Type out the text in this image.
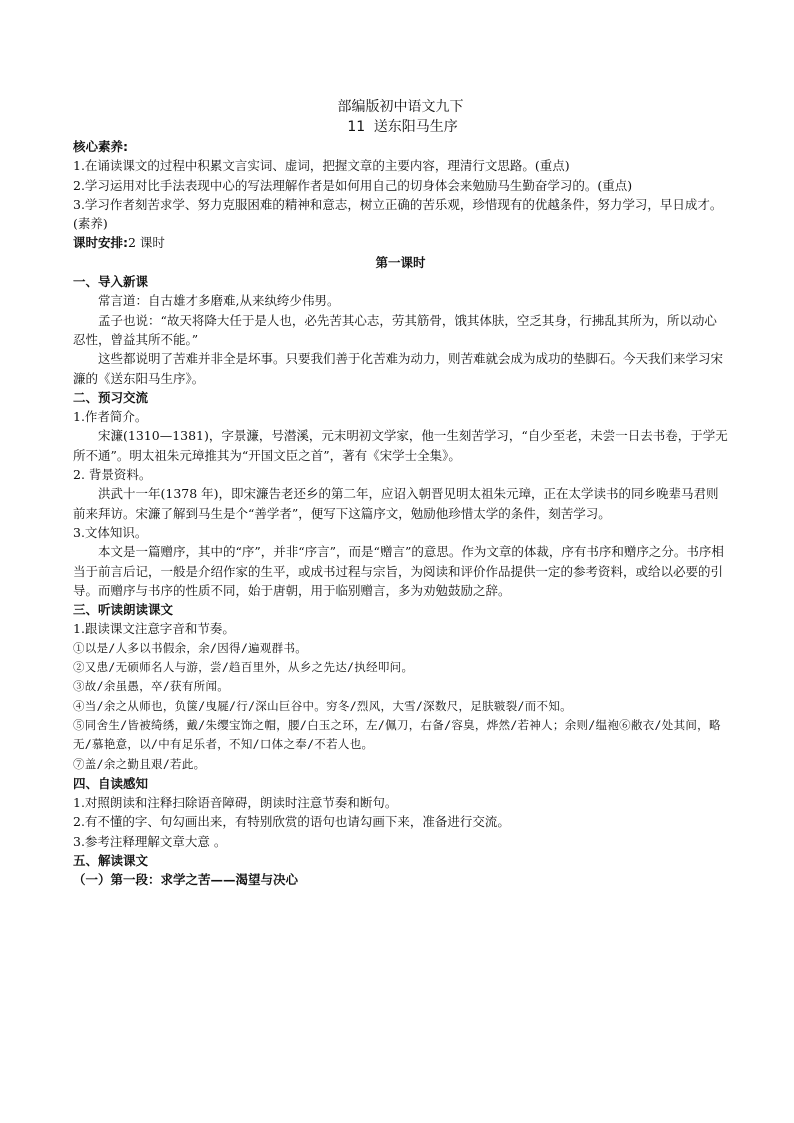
部编版初中语文九下
11 送东阳马生序
核心素养:
1.在诵读课文的过程中积累文言实词、虚词，把握文章的主要内容，理清行文思路。(重点)
2.学习运用对比手法表现中心的写法理解作者是如何用自己的切身体会来勉励马生勤奋学习的。(重点)
3.学习作者刻苦求学、努力克服困难的精神和意志，树立正确的苦乐观，珍惜现有的优越条件，努力学习，早日成才。
(素养)
课时安排:2 课时
第一课时
一、导入新课
常言道：自古雄才多磨难,从来纨绔少伟男。
孟子也说：“故天将降大任于是人也，必先苦其心志，劳其筋骨，饿其体肤，空乏其身，行拂乱其所为，所以动心忍性，曾益其所不能。”
这些都说明了苦难并非全是坏事。只要我们善于化苦难为动力，则苦难就会成为成功的垫脚石。今天我们来学习宋濂的《送东阳马生序》。
二、预习交流
1.作者简介。
宋濂(1310—1381)，字景濂，号潜溪，元末明初文学家，他一生刻苦学习，“自少至老，未尝一日去书卷，于学无所不通”。明太祖朱元璋推其为“开国文臣之首”，著有《宋学士全集》。
2. 背景资料。
洪武十一年(1378 年)，即宋濂告老还乡的第二年，应诏入朝晋见明太祖朱元璋，正在太学读书的同乡晚辈马君则前来拜访。宋濂了解到马生是个“善学者”，便写下这篇序文，勉励他珍惜太学的条件，刻苦学习。
3.文体知识。
本文是一篇赠序，其中的“序”，并非“序言”，而是“赠言”的意思。作为文章的体裁，序有书序和赠序之分。书序相当于前言后记，一般是介绍作家的生平，或成书过程与宗旨，为阅读和评价作品提供一定的参考资料，或给以必要的引导。而赠序与书序的性质不同，始于唐朝，用于临别赠言，多为劝勉鼓励之辞。
三、听读朗读课文
1.跟读课文注意字音和节奏。
①以是/人多以书假余，余/因得/遍观群书。
②又患/无硕师名人与游，尝/趋百里外，从乡之先达/执经叩问。
③故/余虽愚，卒/获有所闻。
④当/余之从师也，负箧/曳屣/行/深山巨谷中。穷冬/烈风，大雪/深数尺，足肤皲裂/而不知。
⑤同舍生/皆被绮绣，戴/朱缨宝饰之帽，腰/白玉之环，左/佩刀，右备/容臭，烨然/若神人；余则/缊袍⑥敝衣/处其间，略无/慕艳意，以/中有足乐者，不知/口体之奉/不若人也。
⑦盖/余之勤且艰/若此。
四、自读感知
1.对照朗读和注释扫除语音障碍，朗读时注意节奏和断句。
2.有不懂的字、句勾画出来，有特别欣赏的语句也请勾画下来，准备进行交流。
3.参考注释理解文章大意 。
五、解读课文
（一）第一段：求学之苦——渴望与决心
